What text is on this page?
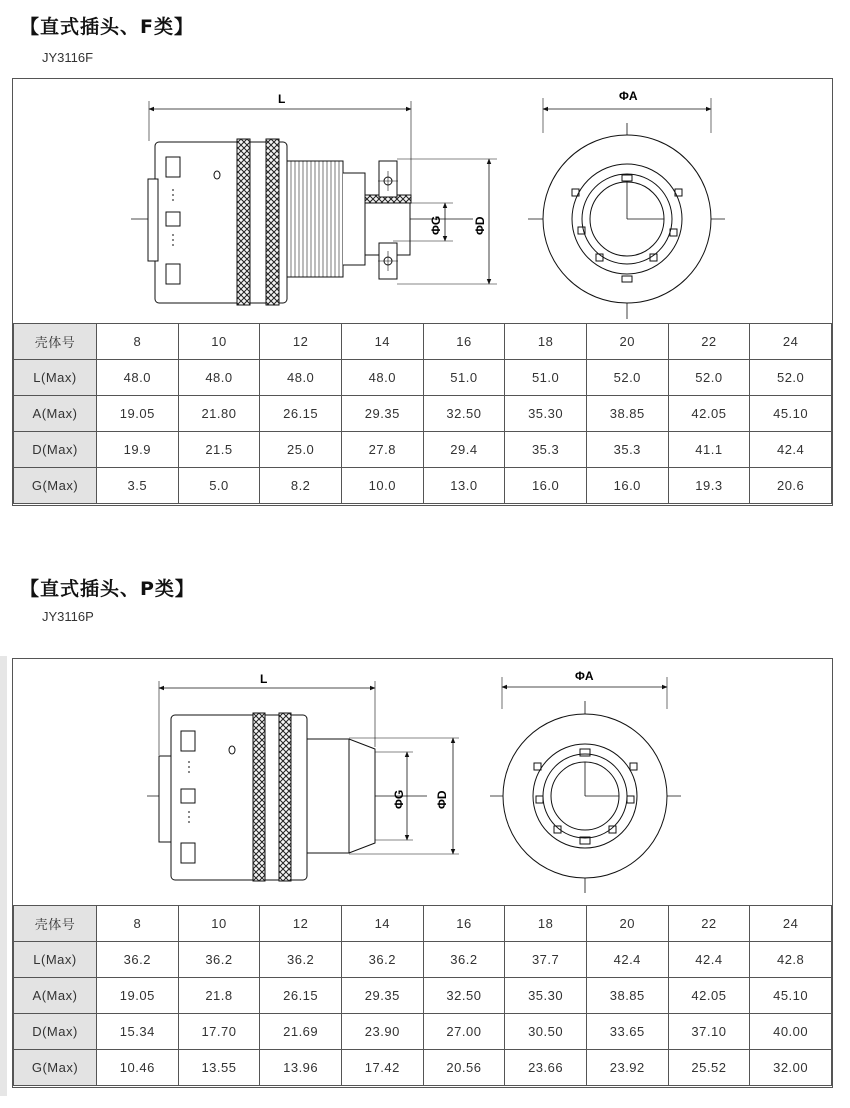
【直式插头、F类】
JY3116F
L
ΦG	ΦD
ΦA
壳体号	8	10	12	14	16	18	20	22	24
L(Max)	48.0	48.0	48.0	48.0	51.0	51.0	52.0	52.0	52.0
A(Max)	19.05	21.80	26.15	29.35	32.50	35.30	38.85	42.05	45.10
D(Max)	19.9	21.5	25.0	27.8	29.4	35.3	35.3	41.1	42.4
G(Max)	3.5	5.0	8.2	10.0	13.0	16.0	16.0	19.3	20.6
【直式插头、P类】
JY3116P
L
ΦG ΦD
ΦA
壳体号	8	10	12	14	16	18	20	22	24
L(Max)	36.2	36.2	36.2	36.2	36.2	37.7	42.4	42.4	42.8
A(Max)	19.05	21.8	26.15	29.35	32.50	35.30	38.85	42.05	45.10
D(Max)	15.34	17.70	21.69	23.90	27.00	30.50	33.65	37.10	40.00
G(Max)	10.46	13.55	13.96	17.42	20.56	23.66	23.92	25.52	32.00
